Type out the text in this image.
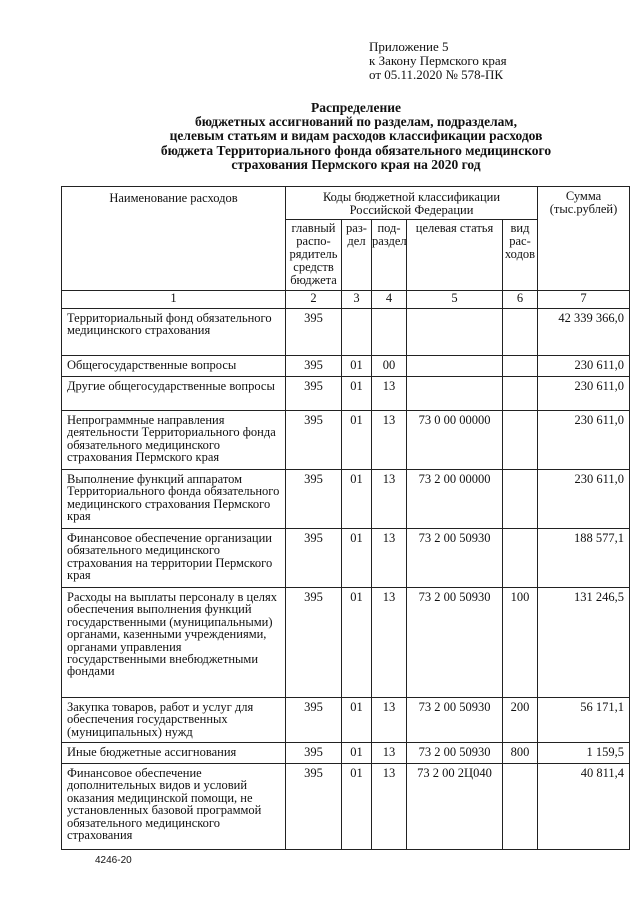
Приложение 5
к Закону Пермского края
от 05.11.2020 № 578-ПК
Распределение
бюджетных ассигнований по разделам, подразделам,
целевым статьям и видам расходов классификации расходов
бюджета Территориального фонда обязательного медицинского
страхования Пермского края на 2020 год
Наименование расходов	Коды бюджетной классификации Российской Федерации					Сумма (тыс.рублей)
	главный распо-рядитель средств бюджета	раз-дел	под-раздел	целевая статья	вид рас-ходов	
1	2	3	4	5	6	7
Территориальный фонд обязательного медицинского страхования	395					42 339 366,0
Общегосударственные вопросы	395	01	00			230 611,0
Другие общегосударственные вопросы	395	01	13			230 611,0
Непрограммные направления деятельности Территориального фонда обязательного медицинского страхования Пермского края	395	01	13	73 0 00 00000		230 611,0
Выполнение функций аппаратом Территориального фонда обязательного медицинского страхования Пермского края	395	01	13	73 2 00 00000		230 611,0
Финансовое обеспечение организации обязательного медицинского страхования на территории Пермского края	395	01	13	73 2 00 50930		188 577,1
Расходы на выплаты персоналу в целях обеспечения выполнения функций государственными (муниципальными) органами, казенными учреждениями, органами управления государственными внебюджетными фондами	395	01	13	73 2 00 50930	100	131 246,5
Закупка товаров, работ и услуг для обеспечения государственных (муниципальных) нужд	395	01	13	73 2 00 50930	200	56 171,1
Иные бюджетные ассигнования	395	01	13	73 2 00 50930	800	1 159,5
Финансовое обеспечение дополнительных видов и условий оказания медицинской помощи, не установленных базовой программой обязательного медицинского страхования	395	01	13	73 2 00 2Ц040		40 811,4
4246-20
